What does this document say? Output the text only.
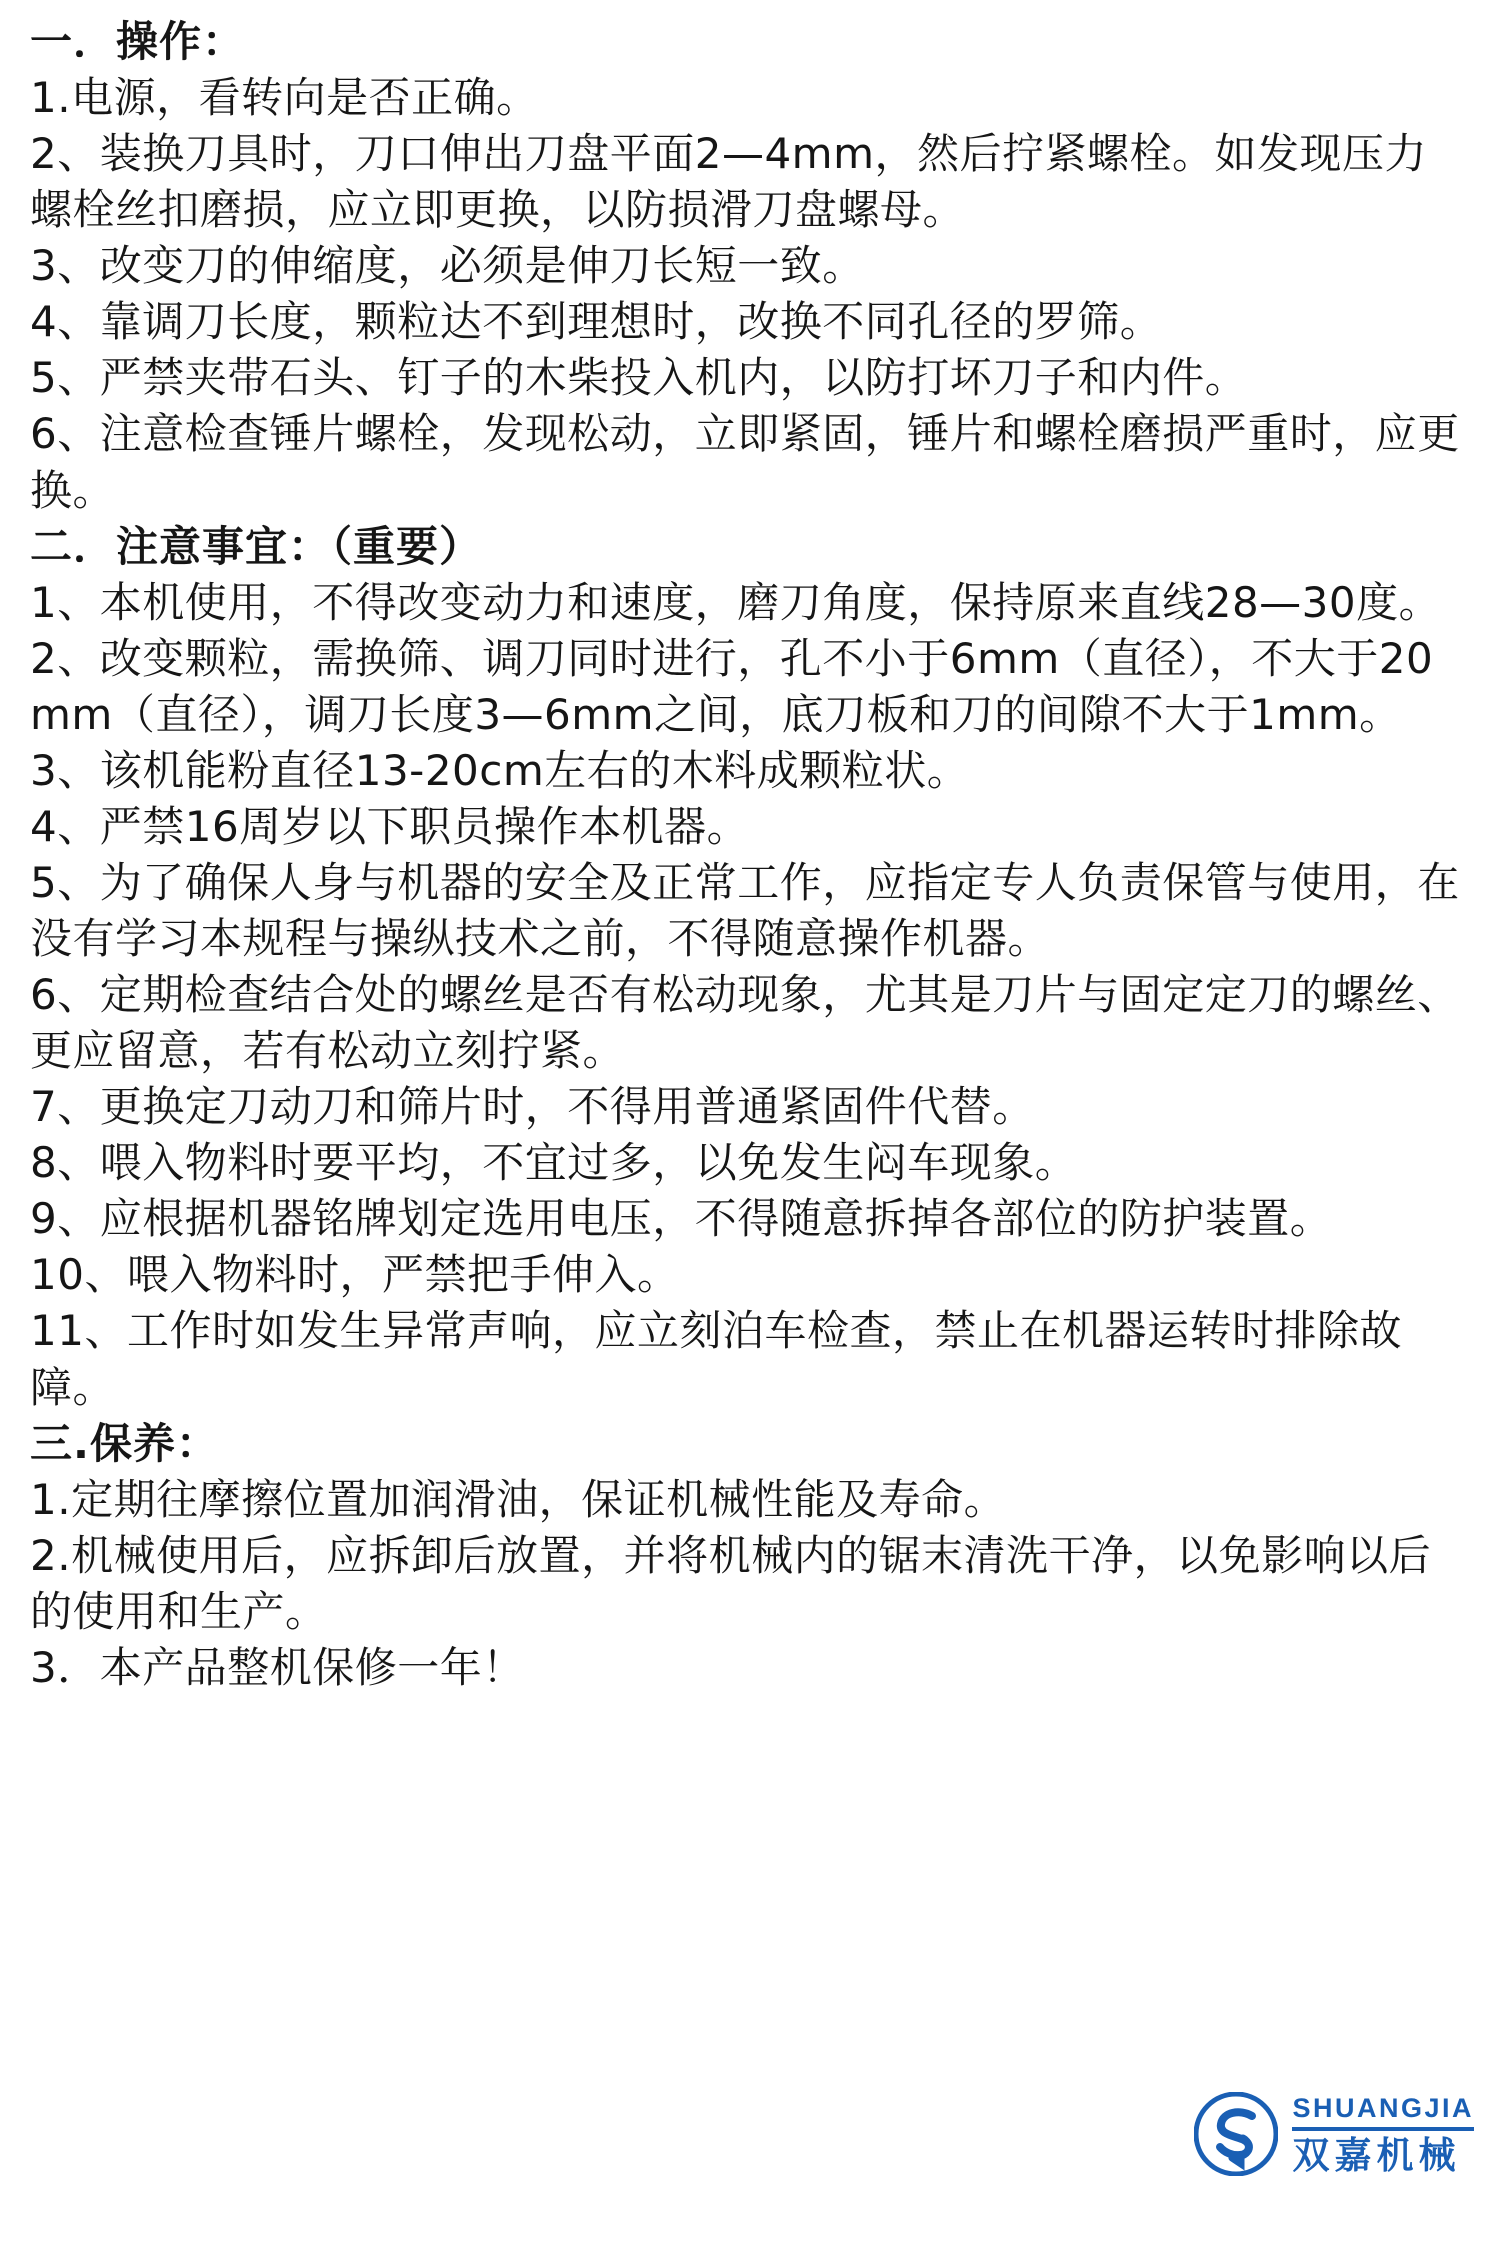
一．操作：
1.电源，看转向是否正确。
2、装换刀具时，刀口伸出刀盘平面2—4mm，然后拧紧螺栓。如发现压力螺栓丝扣磨损，应立即更换，以防损滑刀盘螺母。
3、改变刀的伸缩度，必须是伸刀长短一致。
4、靠调刀长度，颗粒达不到理想时，改换不同孔径的罗筛。
5、严禁夹带石头、钉子的木柴投入机内，以防打坏刀子和内件。
6、注意检查锤片螺栓，发现松动，立即紧固，锤片和螺栓磨损严重时，应更换。
二．注意事宜：（重要）
1、本机使用，不得改变动力和速度，磨刀角度，保持原来直线28—30度。
2、改变颗粒，需换筛、调刀同时进行，孔不小于6mm（直径），不大于20mm（直径），调刀长度3—6mm之间，底刀板和刀的间隙不大于1mm。
3、该机能粉直径13-20cm左右的木料成颗粒状。
4、严禁16周岁以下职员操作本机器。
5、为了确保人身与机器的安全及正常工作，应指定专人负责保管与使用，在没有学习本规程与操纵技术之前，不得随意操作机器。
6、定期检查结合处的螺丝是否有松动现象，尤其是刀片与固定定刀的螺丝、更应留意，若有松动立刻拧紧。
7、更换定刀动刀和筛片时，不得用普通紧固件代替。
8、喂入物料时要平均，不宜过多，以免发生闷车现象。
9、应根据机器铭牌划定选用电压，不得随意拆掉各部位的防护装置。
10、喂入物料时，严禁把手伸入。
11、工作时如发生异常声响，应立刻泊车检查，禁止在机器运转时排除故障。
三.保养：
1.定期往摩擦位置加润滑油，保证机械性能及寿命。
2.机械使用后，应拆卸后放置，并将机械内的锯末清洗干净，以免影响以后的使用和生产。
3．本产品整机保修一年！
SHUANGJIA
双嘉机械
